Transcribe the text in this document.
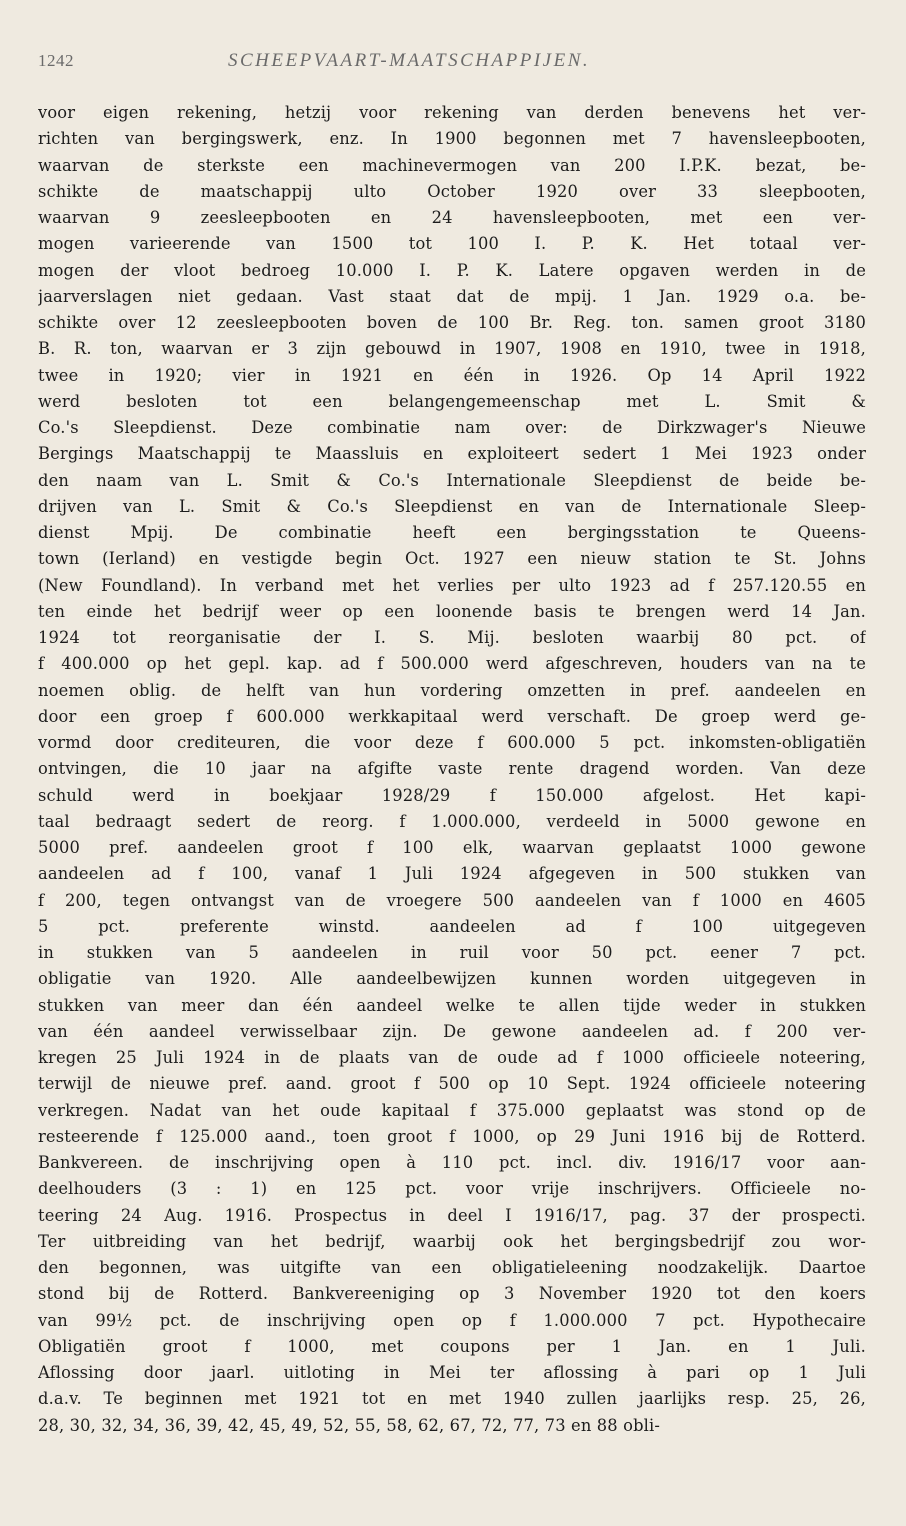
1242	SCHEEPVAART-MAATSCHAPPIJEN.
voor eigen rekening, hetzij voor rekening van derden benevens het ver-
richten van bergingswerk, enz. In 1900 begonnen met 7 havensleepbooten,
waarvan de sterkste een machinevermogen van 200 I.P.K. bezat, be-
schikte de maatschappij ulto October 1920 over 33 sleepbooten,
waarvan 9 zeesleepbooten en 24 havensleepbooten, met een ver-
mogen varieerende van 1500 tot 100 I. P. K. Het totaal ver-
mogen der vloot bedroeg 10.000 I. P. K. Latere opgaven werden in de
jaarverslagen niet gedaan. Vast staat dat de mpij. 1 Jan. 1929 o.a. be-
schikte over 12 zeesleepbooten boven de 100 Br. Reg. ton. samen groot 3180
B. R. ton, waarvan er 3 zijn gebouwd in 1907, 1908 en 1910, twee in 1918,
twee in 1920; vier in 1921 en één in 1926. Op 14 April 1922
werd besloten tot een belangengemeenschap met L. Smit &
Co.'s Sleepdienst. Deze combinatie nam over: de Dirkzwager's Nieuwe
Bergings Maatschappij te Maassluis en exploiteert sedert 1 Mei 1923 onder
den naam van L. Smit & Co.'s Internationale Sleepdienst de beide be-
drijven van L. Smit & Co.'s Sleepdienst en van de Internationale Sleep-
dienst Mpij. De combinatie heeft een bergingsstation te Queens-
town (Ierland) en vestigde begin Oct. 1927 een nieuw station te St. Johns
(New Foundland). In verband met het verlies per ulto 1923 ad f 257.120.55 en
ten einde het bedrijf weer op een loonende basis te brengen werd 14 Jan.
1924 tot reorganisatie der I. S. Mij. besloten waarbij 80 pct. of
f 400.000 op het gepl. kap. ad f 500.000 werd afgeschreven, houders van na te
noemen oblig. de helft van hun vordering omzetten in pref. aandeelen en
door een groep f 600.000 werkkapitaal werd verschaft. De groep werd ge-
vormd door crediteuren, die voor deze f 600.000 5 pct. inkomsten-obligatiën
ontvingen, die 10 jaar na afgifte vaste rente dragend worden. Van deze
schuld werd in boekjaar 1928/29 f 150.000 afgelost. Het kapi-
taal bedraagt sedert de reorg. f 1.000.000, verdeeld in 5000 gewone en
5000 pref. aandeelen groot f 100 elk, waarvan geplaatst 1000 gewone
aandeelen ad f 100, vanaf 1 Juli 1924 afgegeven in 500 stukken van
f 200, tegen ontvangst van de vroegere 500 aandeelen van f 1000 en 4605
5 pct. preferente winstd. aandeelen ad f 100 uitgegeven
in stukken van 5 aandeelen in ruil voor 50 pct. eener 7 pct.
obligatie van 1920. Alle aandeelbewijzen kunnen worden uitgegeven in
stukken van meer dan één aandeel welke te allen tijde weder in stukken
van één aandeel verwisselbaar zijn. De gewone aandeelen ad. f 200 ver-
kregen 25 Juli 1924 in de plaats van de oude ad f 1000 officieele noteering,
terwijl de nieuwe pref. aand. groot f 500 op 10 Sept. 1924 officieele noteering
verkregen. Nadat van het oude kapitaal f 375.000 geplaatst was stond op de
resteerende f 125.000 aand., toen groot f 1000, op 29 Juni 1916 bij de Rotterd.
Bankvereen. de inschrijving open à 110 pct. incl. div. 1916/17 voor aan-
deelhouders (3 : 1) en 125 pct. voor vrije inschrijvers. Officieele no-
teering 24 Aug. 1916. Prospectus in deel I 1916/17, pag. 37 der prospecti.
Ter uitbreiding van het bedrijf, waarbij ook het bergingsbedrijf zou wor-
den begonnen, was uitgifte van een obligatieleening noodzakelijk. Daartoe
stond bij de Rotterd. Bankvereeniging op 3 November 1920 tot den koers
van 99½ pct. de inschrijving open op f 1.000.000 7 pct. Hypothecaire
Obligatiën groot f 1000, met coupons per 1 Jan. en 1 Juli.
Aflossing door jaarl. uitloting in Mei ter aflossing à pari op 1 Juli
d.a.v. Te beginnen met 1921 tot en met 1940 zullen jaarlijks resp. 25, 26,
28, 30, 32, 34, 36, 39, 42, 45, 49, 52, 55, 58, 62, 67, 72, 77, 73 en 88 obli-
